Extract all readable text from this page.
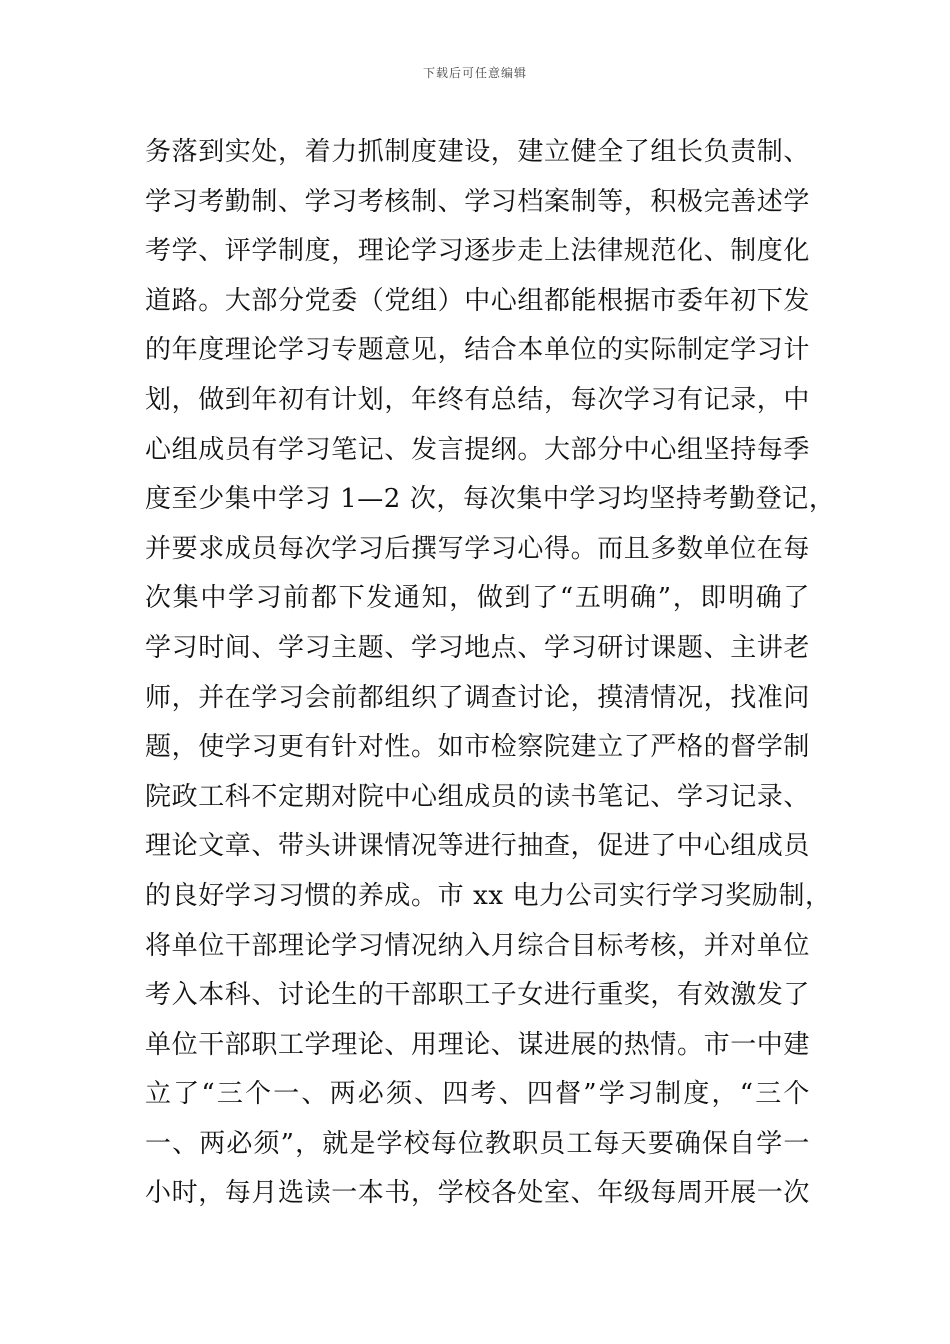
下载后可任意编辑
务落到实处，着力抓制度建设，建立健全了组长负责制、
学习考勤制、学习考核制、学习档案制等，积极完善述学
考学、评学制度，理论学习逐步走上法律规范化、制度化
道路。大部分党委（党组）中心组都能根据市委年初下发
的年度理论学习专题意见，结合本单位的实际制定学习计
划，做到年初有计划，年终有总结，每次学习有记录，中
心组成员有学习笔记、发言提纲。大部分中心组坚持每季
度至少集中学习 1—2 次，每次集中学习均坚持考勤登记，
并要求成员每次学习后撰写学习心得。而且多数单位在每
次集中学习前都下发通知，做到了“五明确”，即明确了
学习时间、学习主题、学习地点、学习研讨课题、主讲老
师，并在学习会前都组织了调查讨论，摸清情况，找准问
题，使学习更有针对性。如市检察院建立了严格的督学制
院政工科不定期对院中心组成员的读书笔记、学习记录、
理论文章、带头讲课情况等进行抽查，促进了中心组成员
的良好学习习惯的养成。市 xx 电力公司实行学习奖励制，
将单位干部理论学习情况纳入月综合目标考核，并对单位
考入本科、讨论生的干部职工子女进行重奖，有效激发了
单位干部职工学理论、用理论、谋进展的热情。市一中建
立了“三个一、两必须、四考、四督”学习制度，“三个
一、两必须”，就是学校每位教职员工每天要确保自学一
小时，每月选读一本书，学校各处室、年级每周开展一次
